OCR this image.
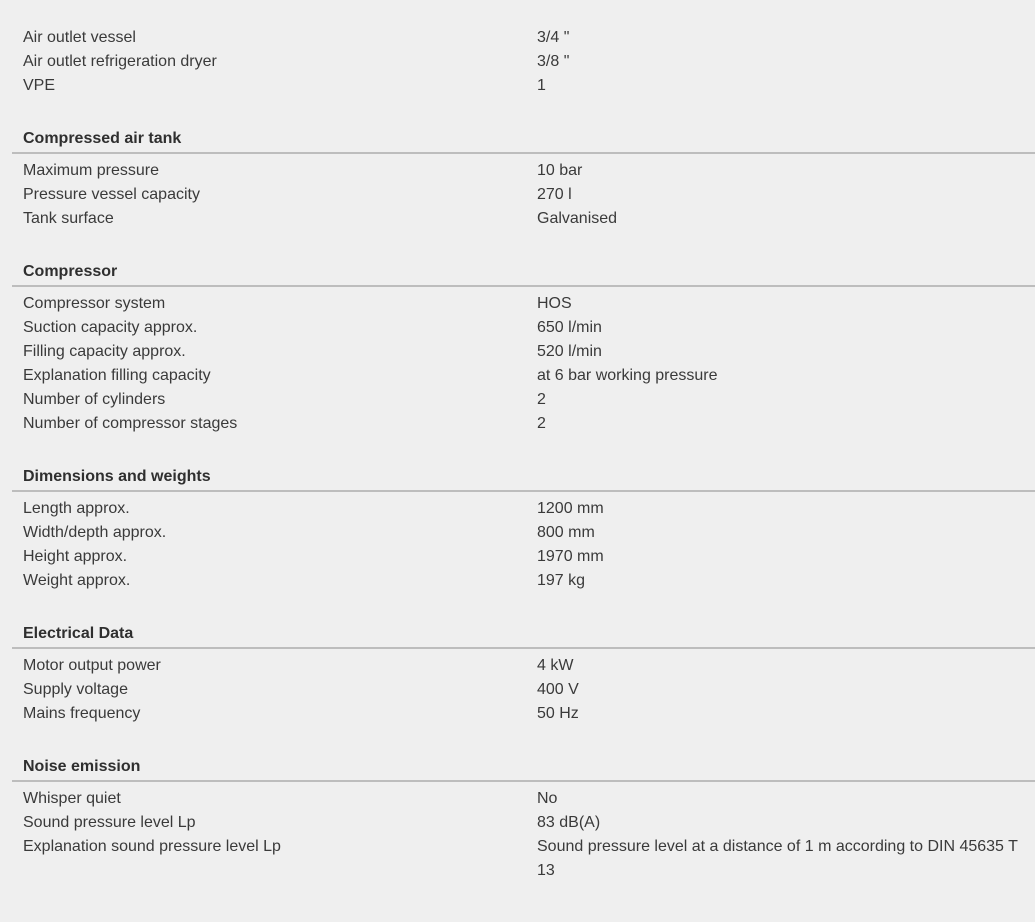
Air outlet vessel	3/4 "
Air outlet refrigeration dryer	3/8 "
VPE	1
Compressed air tank
Maximum pressure	10 bar
Pressure vessel capacity	270 l
Tank surface	Galvanised
Compressor
Compressor system	HOS
Suction capacity approx.	650 l/min
Filling capacity approx.	520 l/min
Explanation filling capacity	at 6 bar working pressure
Number of cylinders	2
Number of compressor stages	2
Dimensions and weights
Length approx.	1200 mm
Width/depth approx.	800 mm
Height approx.	1970 mm
Weight approx.	197 kg
Electrical Data
Motor output power	4 kW
Supply voltage	400 V
Mains frequency	50 Hz
Noise emission
Whisper quiet	No
Sound pressure level Lp	83 dB(A)
Explanation sound pressure level Lp	Sound pressure level at a distance of 1 m according to DIN 45635 T 13
